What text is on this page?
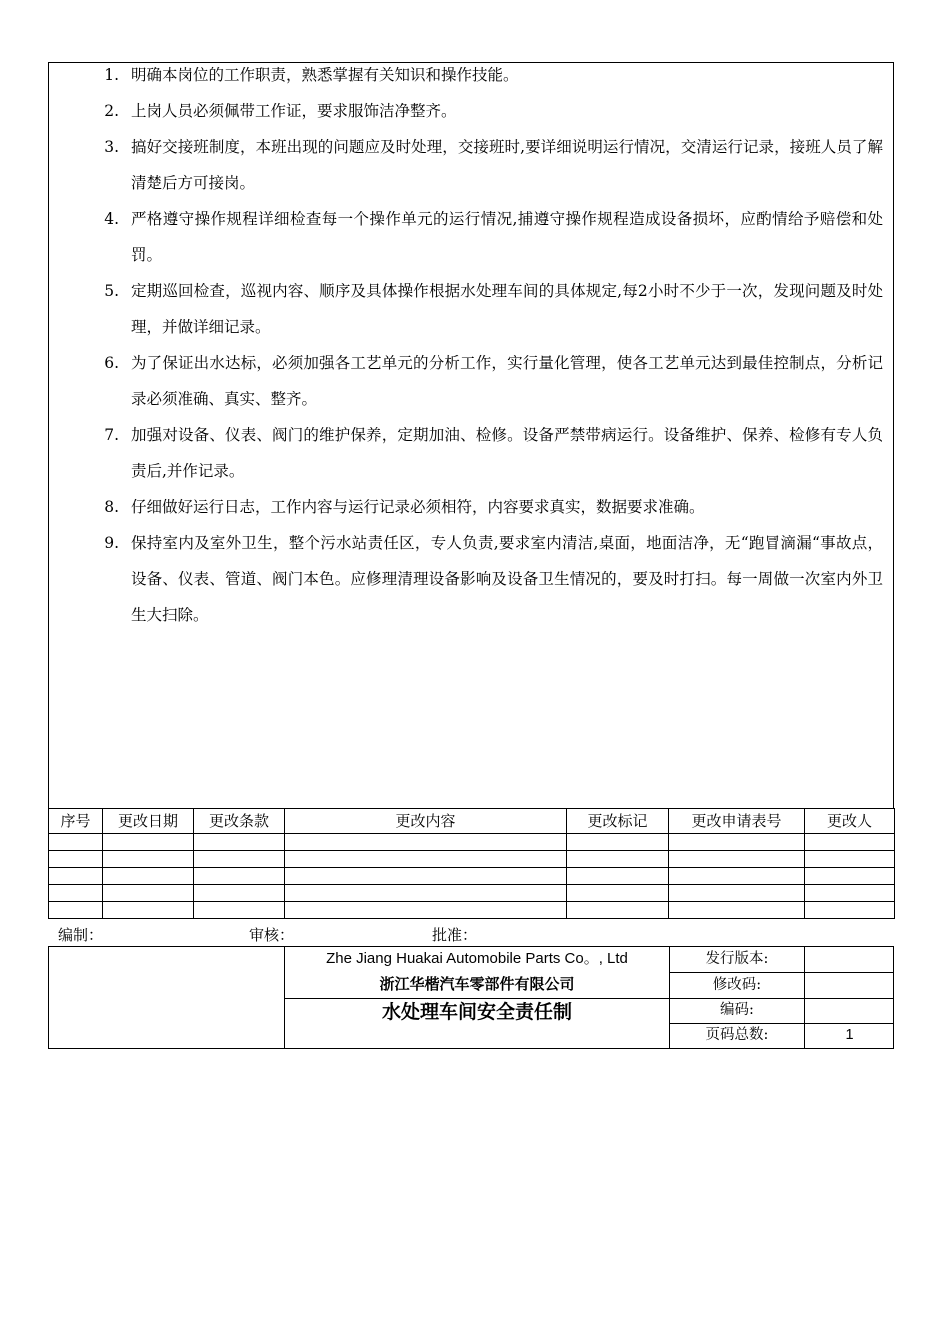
1. 明确本岗位的工作职责，熟悉掌握有关知识和操作技能。
2. 上岗人员必须佩带工作证，要求服饰洁净整齐。
3. 搞好交接班制度，本班出现的问题应及时处理，交接班时,要详细说明运行情况，交清运行记录，接班人员了解清楚后方可接岗。
4. 严格遵守操作规程详细检查每一个操作单元的运行情况,捕遵守操作规程造成设备损坏，应酌情给予赔偿和处罚。
5. 定期巡回检查，巡视内容、顺序及具体操作根据水处理车间的具体规定,每2小时不少于一次，发现问题及时处理，并做详细记录。
6. 为了保证出水达标，必须加强各工艺单元的分析工作，实行量化管理，使各工艺单元达到最佳控制点，分析记录必须准确、真实、整齐。
7. 加强对设备、仪表、阀门的维护保养，定期加油、检修。设备严禁带病运行。设备维护、保养、检修有专人负责后,并作记录。
8. 仔细做好运行日志，工作内容与运行记录必须相符，内容要求真实，数据要求准确。
9. 保持室内及室外卫生，整个污水站责任区，专人负责,要求室内清洁,桌面，地面洁净，无“跑冒滴漏“事故点，设备、仪表、管道、阀门本色。应修理清理设备影响及设备卫生情况的，要及时打扫。每一周做一次室内外卫生大扫除。
序号	更改日期	更改条款	更改内容	更改标记	更改申请表号	更改人

编制：	审核：	批准：
Zhe Jiang Huakai Automobile Parts Co。, Ltd
浙江华楷汽车零部件有限公司
水处理车间安全责任制
发行版本:
修改码:
编码:
页码总数:	1
